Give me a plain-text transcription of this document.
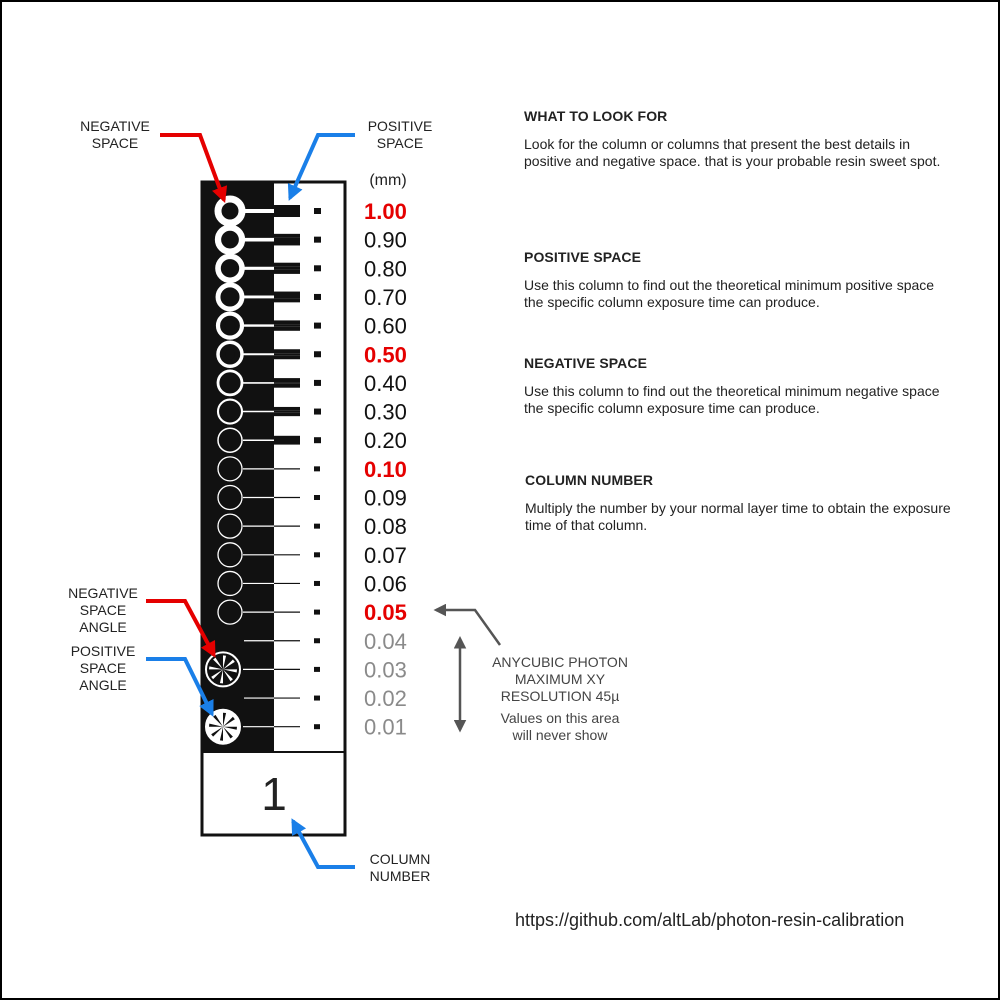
1.00
0.90
0.80
0.70
0.60
0.50
0.40
0.30
0.20
0.10
0.09
0.08
0.07
0.06
0.05
0.04
0.03
0.02
0.01
(mm)
1
NEGATIVE
SPACE
POSITIVE
SPACE
NEGATIVE
SPACE
ANGLE
POSITIVE
SPACE
ANGLE
COLUMN
NUMBER
ANYCUBIC PHOTON
MAXIMUM XY
RESOLUTION 45µ
Values on this area
will never show
WHAT TO LOOK FOR

Look for the column or columns that present the best details in positive and negative space. that is your probable resin sweet spot.

POSITIVE SPACE

Use this column to find out the theoretical minimum positive space the specific column exposure time can produce.

NEGATIVE SPACE

Use this column to find out the theoretical minimum negative space the specific column exposure time can produce.

COLUMN NUMBER

Multiply the number by your normal layer time to obtain the exposure time of that column.

https://github.com/altLab/photon-resin-calibration
